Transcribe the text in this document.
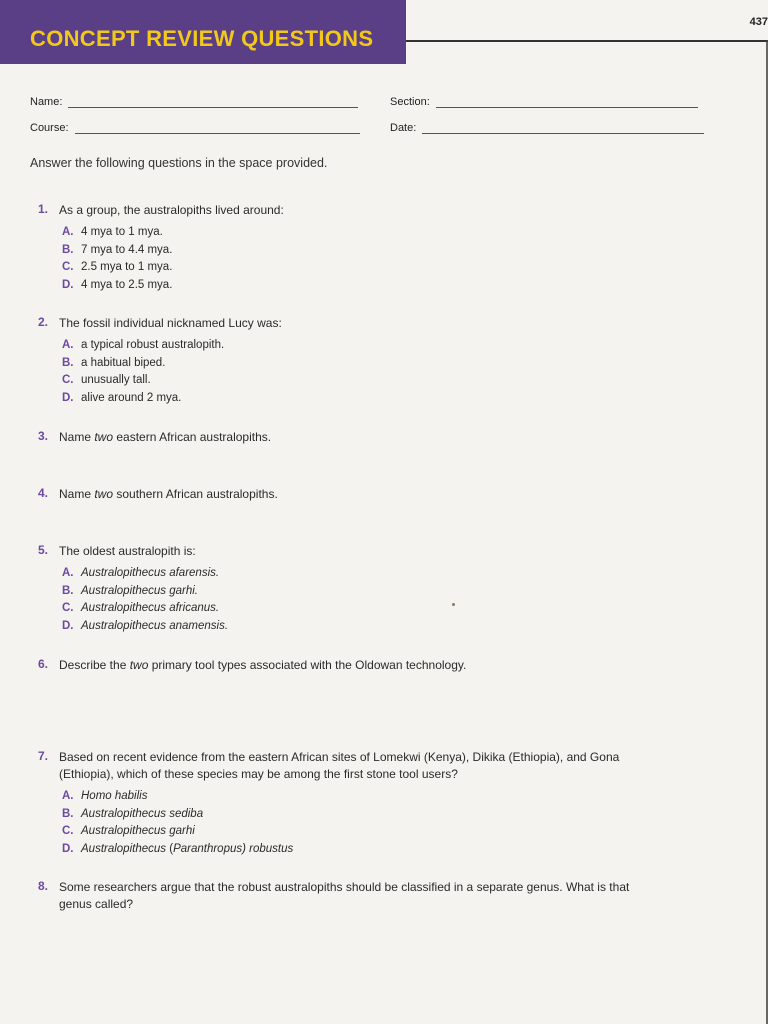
CONCEPT REVIEW QUESTIONS
437
Name:	Section:
Course:	Date:
Answer the following questions in the space provided.
1. As a group, the australopiths lived around:
A. 4 mya to 1 mya.
B. 7 mya to 4.4 mya.
C. 2.5 mya to 1 mya.
D. 4 mya to 2.5 mya.
2. The fossil individual nicknamed Lucy was:
A. a typical robust australopith.
B. a habitual biped.
C. unusually tall.
D. alive around 2 mya.
3. Name two eastern African australopiths.
4. Name two southern African australopiths.
5. The oldest australopith is:
A. Australopithecus afarensis.
B. Australopithecus garhi.
C. Australopithecus africanus.
D. Australopithecus anamensis.
6. Describe the two primary tool types associated with the Oldowan technology.
7. Based on recent evidence from the eastern African sites of Lomekwi (Kenya), Dikika (Ethiopia), and Gona
(Ethiopia), which of these species may be among the first stone tool users?
A. Homo habilis
B. Australopithecus sediba
C. Australopithecus garhi
D. Australopithecus (Paranthropus) robustus
8. Some researchers argue that the robust australopiths should be classified in a separate genus. What is that
genus called?
